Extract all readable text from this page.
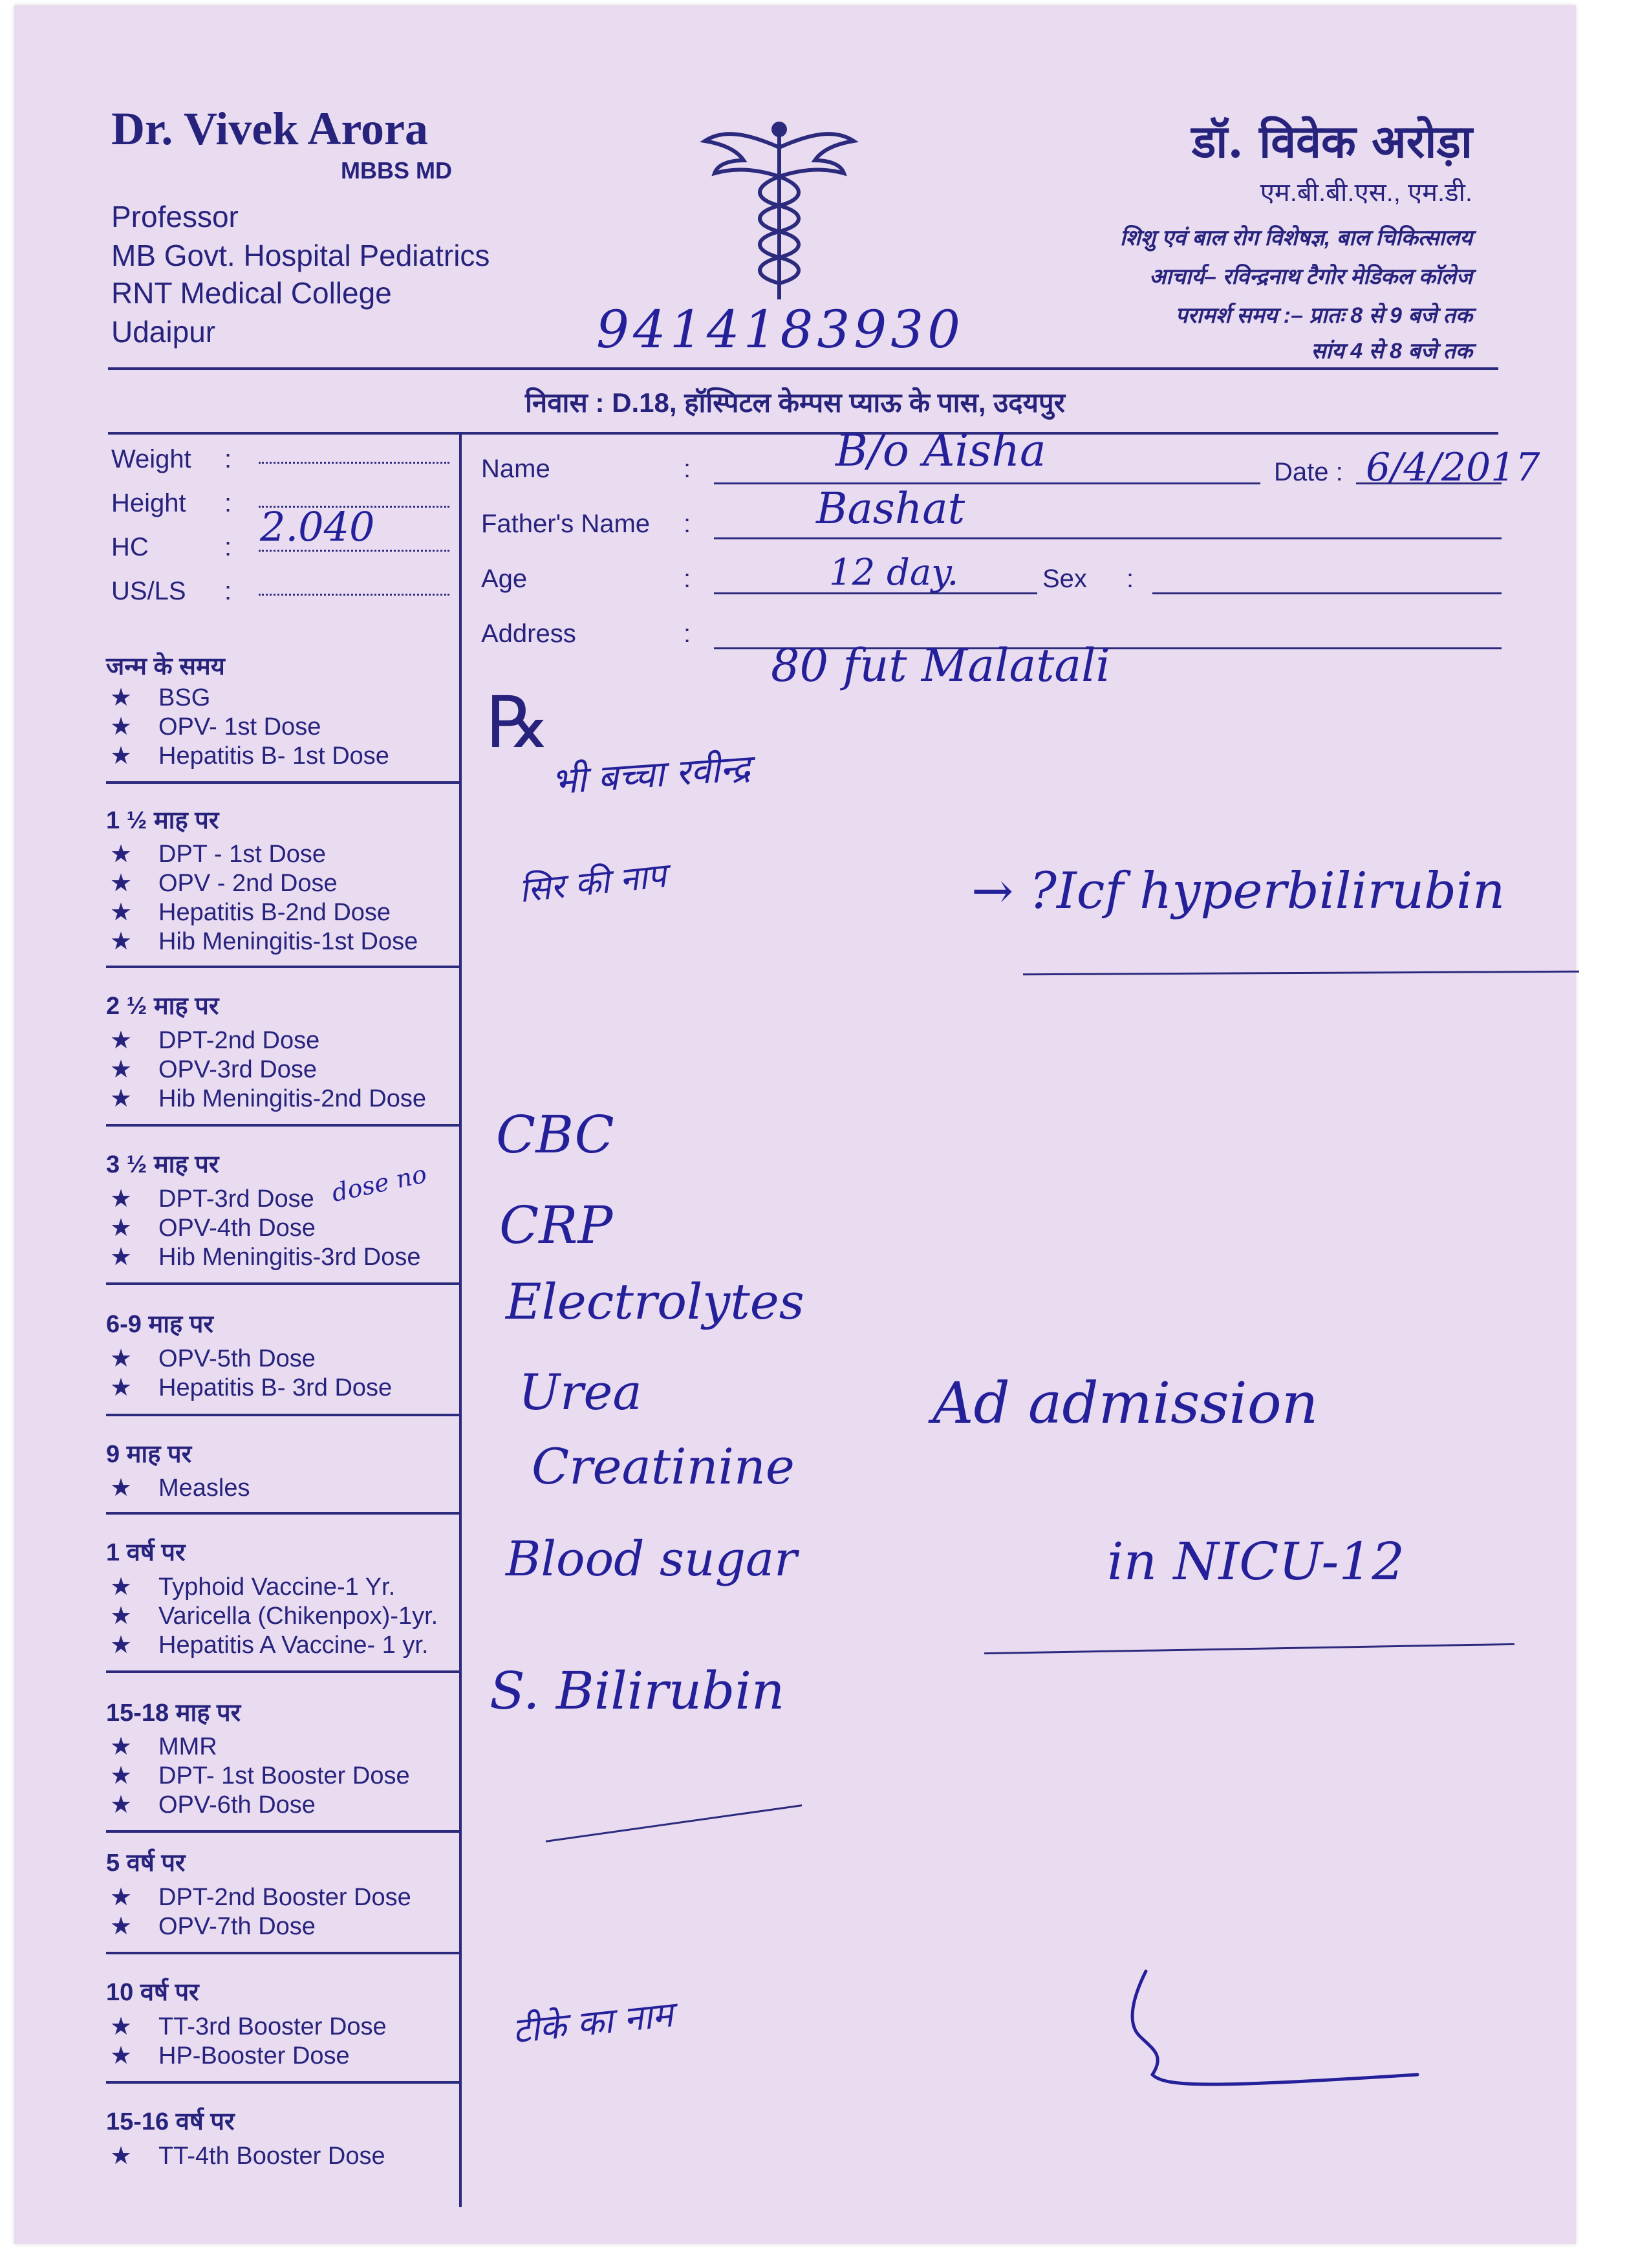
Dr. Vivek Arora
MBBS MD
Professor
MB Govt. Hospital Pediatrics
RNT Medical College
Udaipur
डॉ. विवेक अरोड़ा
एम.बी.बी.एस., एम.डी.
शिशु एवं बाल रोग विशेषज्ञ, बाल चिकित्सालय
आचार्य– रविन्द्रनाथ टैगोर मेडिकल कॉलेज
परामर्श समय :– प्रातः 8 से 9 बजे तक
सांय 4 से 8 बजे तक
9414183930
निवास : D.18, हॉस्पिटल केम्पस प्याऊ के पास, उदयपुर
Weight
Height
HC
US/LS
:
:
:
:
2.040
जन्म के समय
★ BSG
★ OPV- 1st Dose
★ Hepatitis B- 1st Dose
1 ½ माह पर
★ DPT - 1st Dose
★ OPV - 2nd Dose
★ Hepatitis B-2nd Dose
★ Hib Meningitis-1st Dose
2 ½ माह पर
★ DPT-2nd Dose
★ OPV-3rd Dose
★ Hib Meningitis-2nd Dose
3 ½ माह पर
★ DPT-3rd Dose
★ OPV-4th Dose
★ Hib Meningitis-3rd Dose
dose no
6-9 माह पर
★ OPV-5th Dose
★ Hepatitis B- 3rd Dose
9 माह पर
★ Measles
1 वर्ष पर
★ Typhoid Vaccine-1 Yr.
★ Varicella (Chikenpox)-1yr.
★ Hepatitis A Vaccine- 1 yr.
15-18 माह पर
★ MMR
★ DPT- 1st Booster Dose
★ OPV-6th Dose
5 वर्ष पर
★ DPT-2nd Booster Dose
★ OPV-7th Dose
10 वर्ष पर
★ TT-3rd Booster Dose
★ HP-Booster Dose
15-16 वर्ष पर
★ TT-4th Booster Dose
Name
Father's Name
Age
Address
:
:
:
:
Sex :
Date :
B/o Aisha	6/4/2017
Bashat
12 day.
80 fut Malatali
℞
भी बच्चा रवीन्द्र
सिर की नाप	→ ?Icf hyperbilirubin
CBC
CRP
Electrolytes
Urea
Creatinine
Blood sugar
S. Bilirubin
Ad admission
in NICU-12
टीके का नाम
